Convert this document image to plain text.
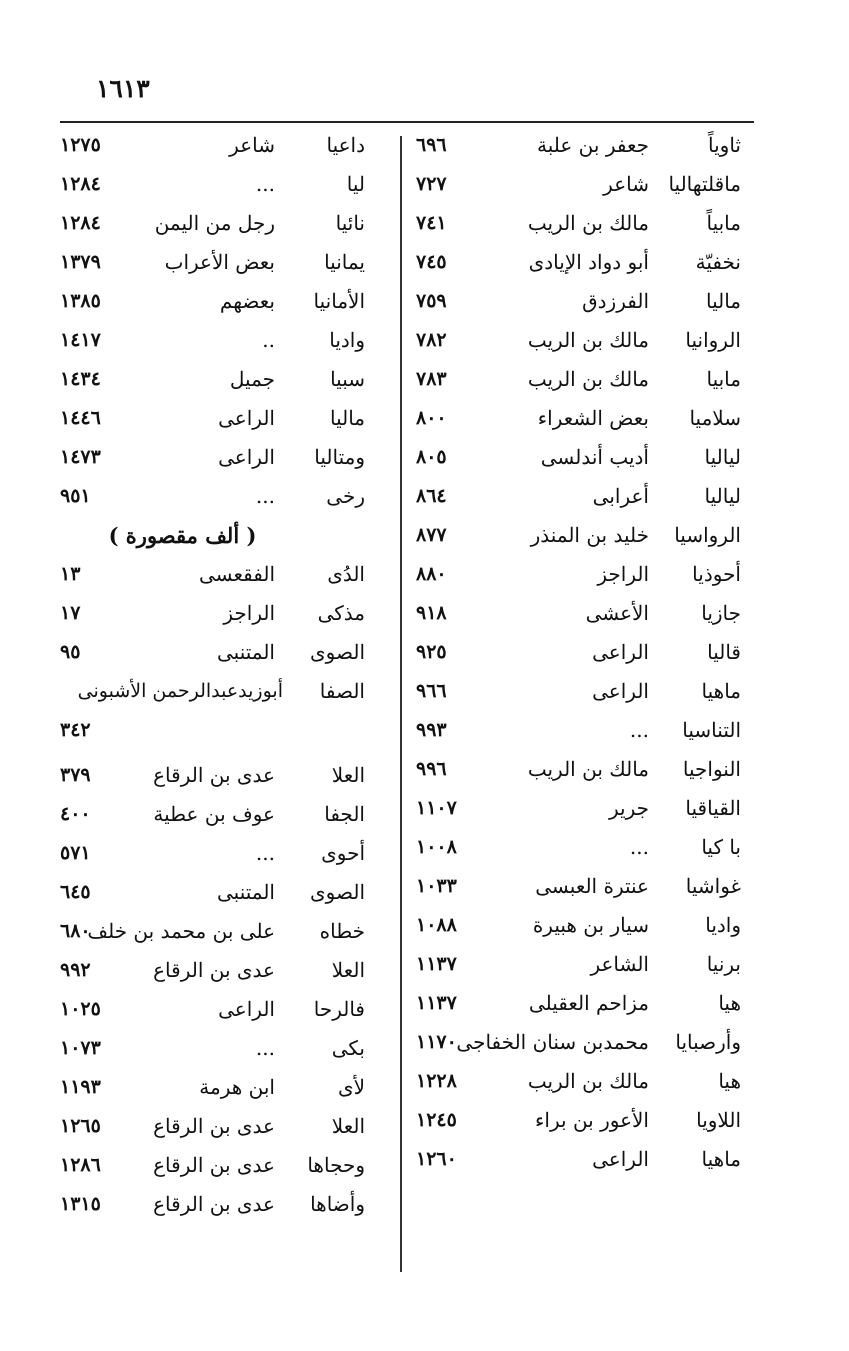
١٦١٣
ثاوياً
جعفر بن علبة
٦٩٦
ماقلتهاليا
شاعر
٧٢٧
مابياً
مالك بن الريب
٧٤١
نخفيّة
أبو دواد الإيادى
٧٤٥
ماليا
الفرزدق
٧٥٩
الروانيا
مالك بن الريب
٧٨٢
مابيا
مالك بن الريب
٧٨٣
سلاميا
بعض الشعراء
٨٠٠
لياليا
أديب أندلسى
٨٠٥
لياليا
أعرابى
٨٦٤
الرواسيا
خليد بن المنذر
٨٧٧
أحوذيا
الراجز
٨٨٠
جازيا
الأعشى
٩١٨
قاليا
الراعى
٩٢٥
ماهيا
الراعى
٩٦٦
التناسيا
...
٩٩٣
النواجيا
مالك بن الريب
٩٩٦
القياقيا
جرير
١١٠٧
با كيا
...
١٠٠٨
غواشيا
عنترة العبسى
١٠٣٣
واديا
سيار بن هبيرة
١٠٨٨
برنيا
الشاعر
١١٣٧
هيا
مزاحم العقيلى
١١٣٧
وأرصبايا
محمدبن سنان الخفاجى
١١٧٠
هيا
مالك بن الريب
١٢٢٨
اللاويا
الأعور بن براء
١٢٤٥
ماهيا
الراعى
١٢٦٠
داعيا
شاعر
١٢٧٥
ليا
...
١٢٨٤
نائيا
رجل من اليمن
١٢٨٤
يمانيا
بعض الأعراب
١٣٧٩
الأمانيا
بعضهم
١٣٨٥
واديا
..
١٤١٧
سبيا
جميل
١٤٣٤
ماليا
الراعى
١٤٤٦
ومتاليا
الراعى
١٤٧٣
رخى
...
٩٥١
( ألف مقصورة )
الدُى
الفقعسى
١٣
مذكى
الراجز
١٧
الصوى
المتنبى
٩٥
الصفا
أبوزيدعبدالرحمن الأشبونى
٣٤٢
العلا
عدى بن الرقاع
٣٧٩
الجفا
عوف بن عطية
٤٠٠
أحوى
...
٥٧١
الصوى
المتنبى
٦٤٥
خطاه
على بن محمد بن خلف
٦٨٠
العلا
عدى بن الرقاع
٩٩٢
فالرحا
الراعى
١٠٢٥
بكى
...
١٠٧٣
لأى
ابن هرمة
١١٩٣
العلا
عدى بن الرقاع
١٢٦٥
وحجاها
عدى بن الرقاع
١٢٨٦
وأضاها
عدى بن الرقاع
١٣١٥
